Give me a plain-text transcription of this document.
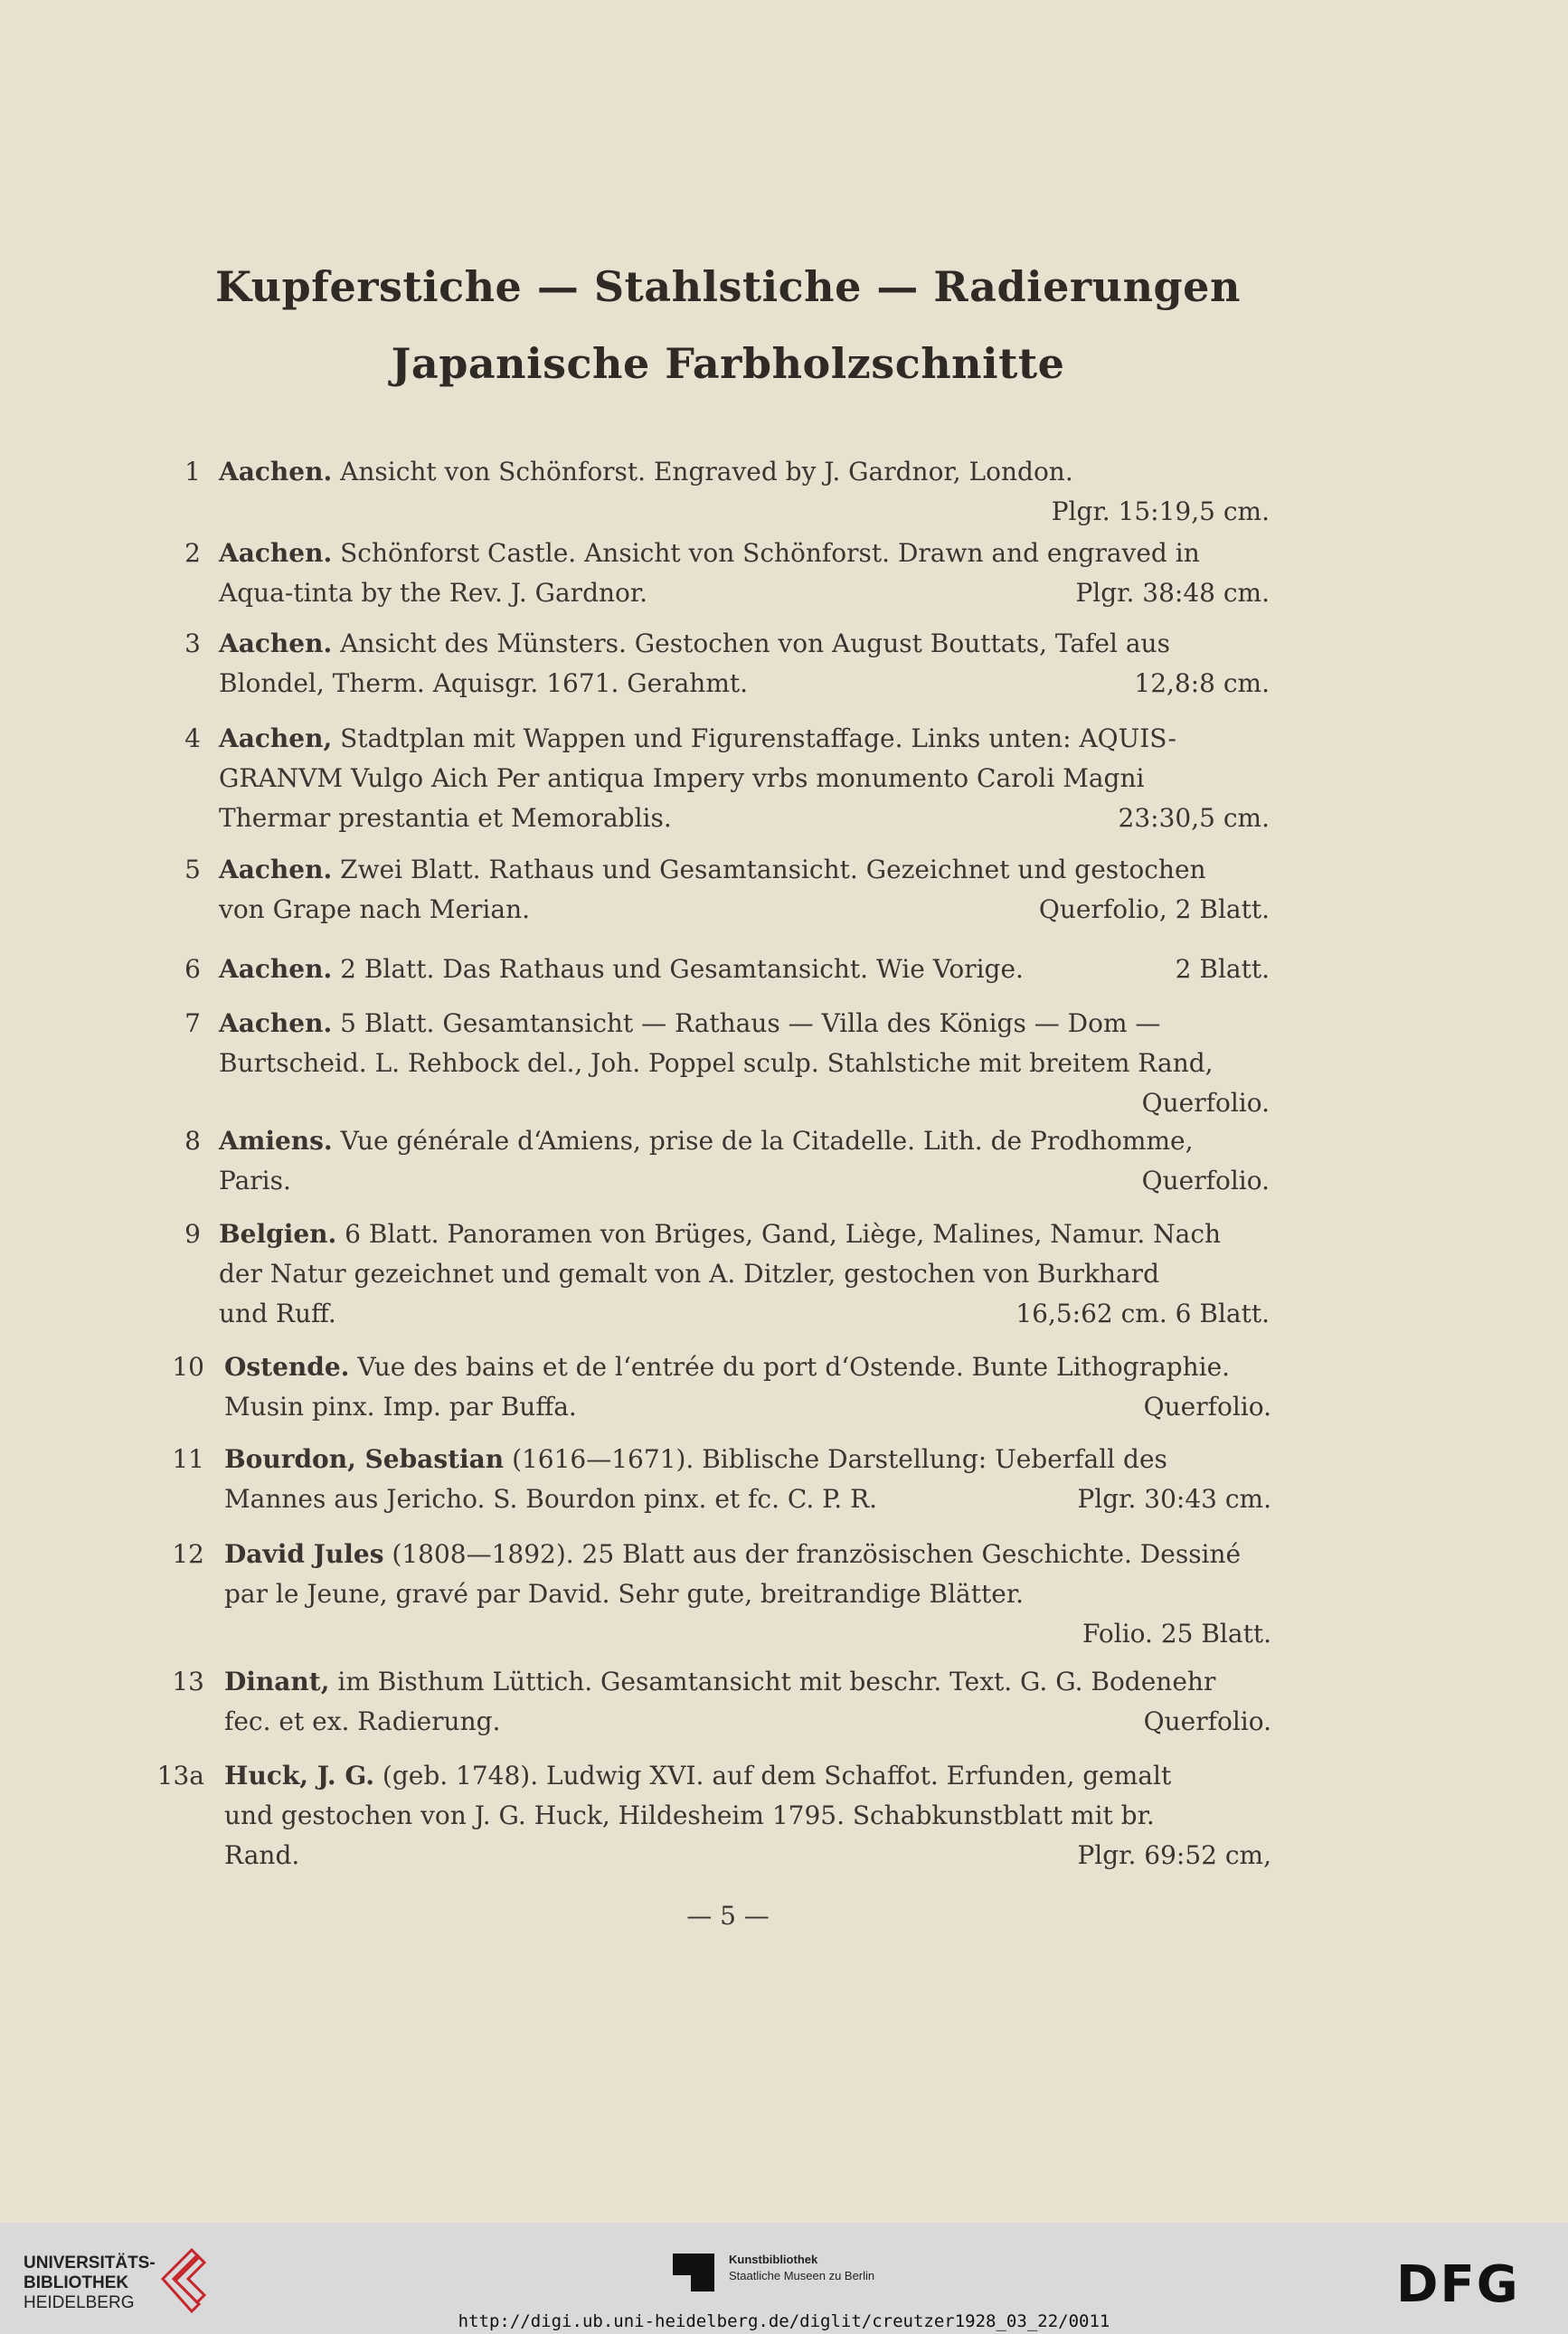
Kupferstiche — Stahlstiche — Radierungen
Japanische Farbholzschnitte
1 Aachen. Ansicht von Schönforst. Engraved by J. Gardnor, London.
Plgr. 15:19,5 cm.
2 Aachen. Schönforst Castle. Ansicht von Schönforst. Drawn and engraved in
Aqua-tinta by the Rev. J. Gardnor.	Plgr. 38:48 cm.
3 Aachen. Ansicht des Münsters. Gestochen von August Bouttats, Tafel aus
Blondel, Therm. Aquisgr. 1671. Gerahmt.	12,8:8 cm.
4 Aachen, Stadtplan mit Wappen und Figurenstaffage. Links unten: AQUIS-
GRANVM Vulgo Aich Per antiqua Impery vrbs monumento Caroli Magni
Thermar prestantia et Memorablis.	23:30,5 cm.
5 Aachen. Zwei Blatt. Rathaus und Gesamtansicht. Gezeichnet und gestochen
von Grape nach Merian.	Querfolio, 2 Blatt.
6 Aachen. 2 Blatt. Das Rathaus und Gesamtansicht. Wie Vorige.	2 Blatt.
7 Aachen. 5 Blatt. Gesamtansicht — Rathaus — Villa des Königs — Dom —
Burtscheid. L. Rehbock del., Joh. Poppel sculp. Stahlstiche mit breitem Rand,
Querfolio.
8 Amiens. Vue générale d‘Amiens, prise de la Citadelle. Lith. de Prodhomme,
Paris.	Querfolio.
9 Belgien. 6 Blatt. Panoramen von Brüges, Gand, Liège, Malines, Namur. Nach
der Natur gezeichnet und gemalt von A. Ditzler, gestochen von Burkhard
und Ruff.	16,5:62 cm. 6 Blatt.
10 Ostende. Vue des bains et de l‘entrée du port d‘Ostende. Bunte Lithographie.
Musin pinx. Imp. par Buffa.	Querfolio.
11 Bourdon, Sebastian (1616—1671). Biblische Darstellung: Ueberfall des
Mannes aus Jericho. S. Bourdon pinx. et fc. C. P. R.	Plgr. 30:43 cm.
12 David Jules (1808—1892). 25 Blatt aus der französischen Geschichte. Dessiné
par le Jeune, gravé par David. Sehr gute, breitrandige Blätter.
Folio. 25 Blatt.
13 Dinant, im Bisthum Lüttich. Gesamtansicht mit beschr. Text. G. G. Bodenehr
fec. et ex. Radierung.	Querfolio.
13a Huck, J. G. (geb. 1748). Ludwig XVI. auf dem Schaffot. Erfunden, gemalt
und gestochen von J. G. Huck, Hildesheim 1795. Schabkunstblatt mit br.
Rand.	Plgr. 69:52 cm,
— 5 —
UNIVERSITÄTS-
BIBLIOTHEK
HEIDELBERG
Kunstbibliothek
Staatliche Museen zu Berlin	DFG
http://digi.ub.uni-heidelberg.de/diglit/creutzer1928_03_22/0011
